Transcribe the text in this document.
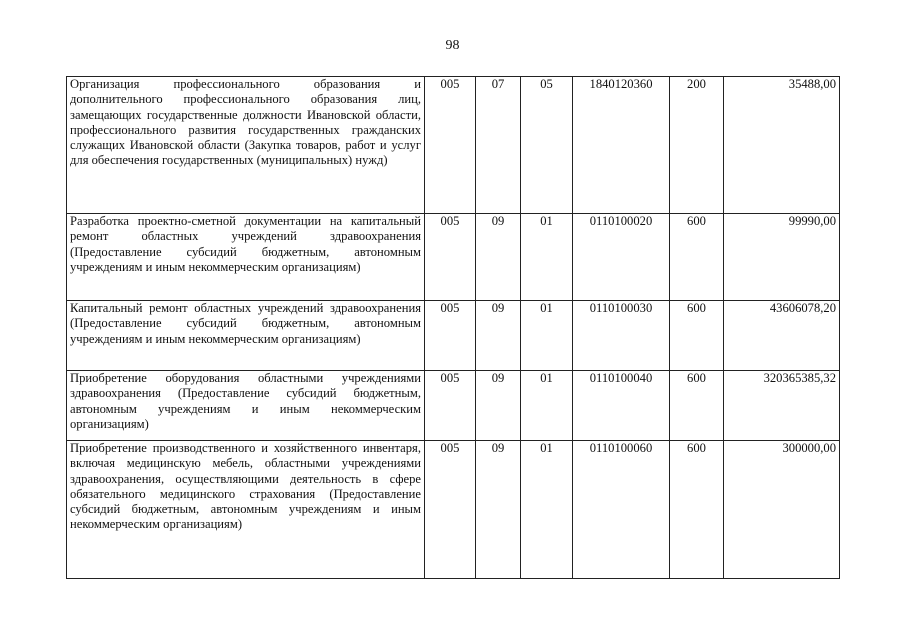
98
Организация профессионального образования и дополнительного профессионального образования лиц, замещающих государственные должности Ивановской области, профессионального развития государственных гражданских служащих Ивановской области (Закупка товаров, работ и услуг для обеспечения государственных (муниципальных) нужд)	005	07	05	1840120360	200	35488,00
Разработка проектно-сметной документации на капитальный ремонт областных учреждений здравоохранения (Предоставление субсидий бюджетным, автономным учреждениям и иным некоммерческим организациям)	005	09	01	0110100020	600	99990,00
Капитальный ремонт областных учреждений здравоохранения (Предоставление субсидий бюджетным, автономным учреждениям и иным некоммерческим организациям)	005	09	01	0110100030	600	43606078,20
Приобретение оборудования областными учреждениями здравоохранения (Предоставление субсидий бюджетным, автономным учреждениям и иным некоммерческим организациям)	005	09	01	0110100040	600	320365385,32
Приобретение производственного и хозяйственного инвентаря, включая медицинскую мебель, областными учреждениями здравоохранения, осуществляющими деятельность в сфере обязательного медицинского страхования (Предоставление субсидий бюджетным, автономным учреждениям и иным некоммерческим организациям)	005	09	01	0110100060	600	300000,00
